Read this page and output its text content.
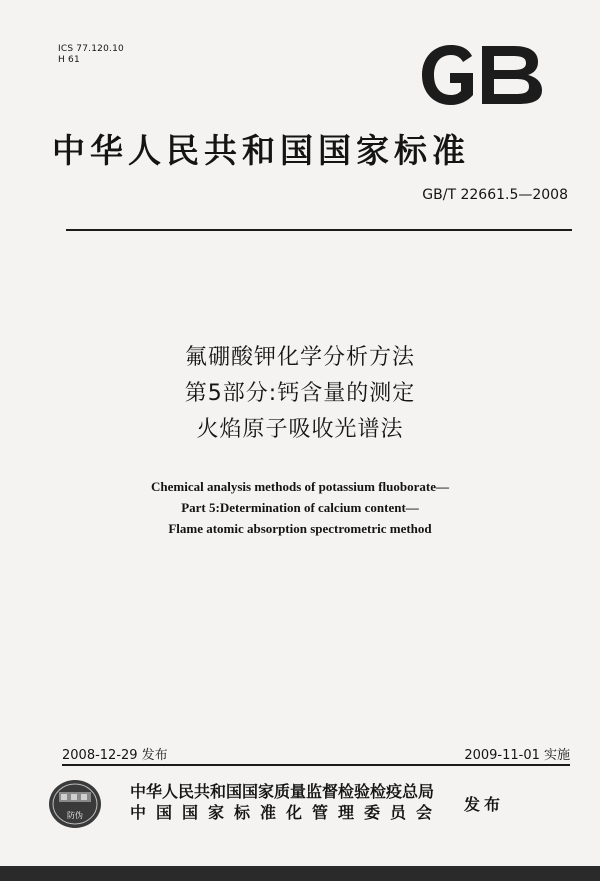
ICS 77.120.10
H 61
中华人民共和国国家标准
GB/T 22661.5—2008
氟硼酸钾化学分析方法
第5部分:钙含量的测定
火焰原子吸收光谱法
Chemical analysis methods of potassium fluoborate—
Part 5:Determination of calcium content—
Flame atomic absorption spectrometric method
2008-12-29 发布	2009-11-01 实施
防伪
中华人民共和国国家质量监督检验检疫总局
中国国家标准化管理委员会 发布
